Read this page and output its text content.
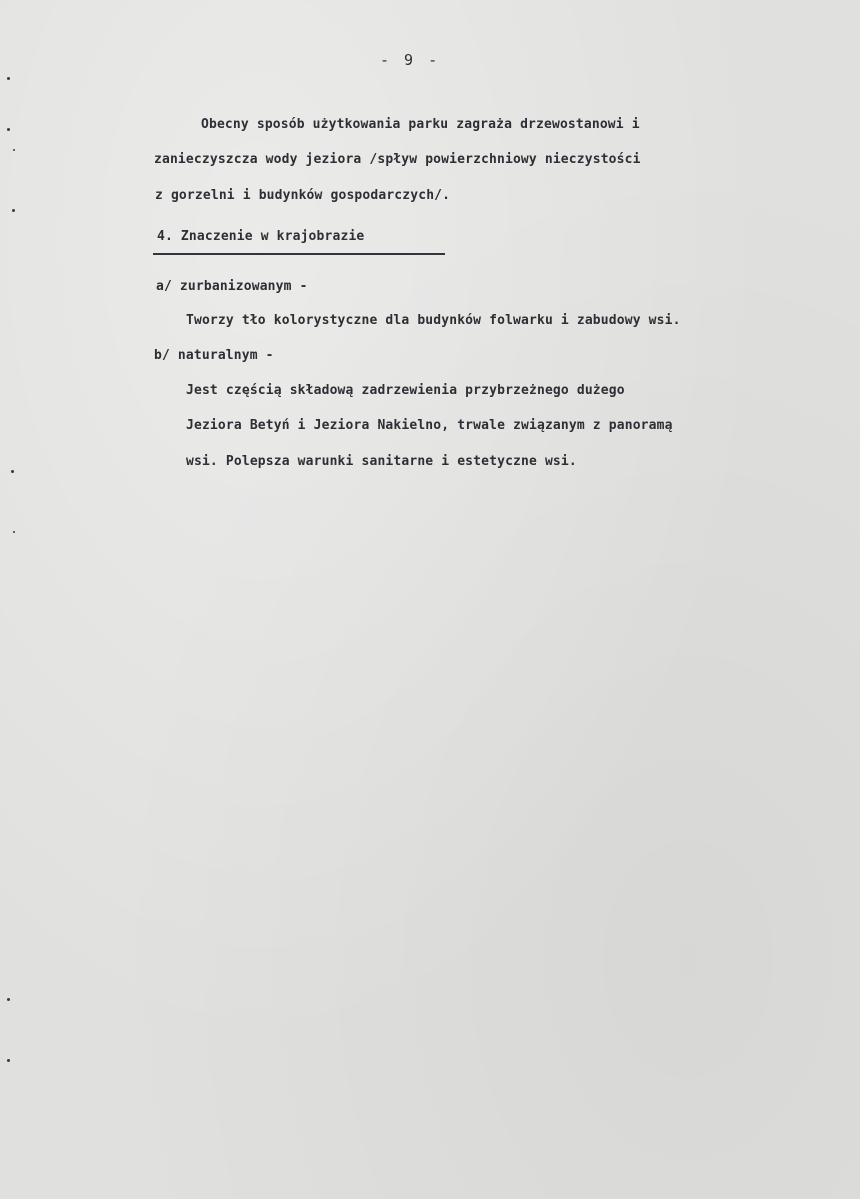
- 9 -
Obecny sposób użytkowania parku zagraża drzewostanowi i
zanieczyszcza wody jeziora /spływ powierzchniowy nieczystości
z gorzelni i budynków gospodarczych/.
4. Znaczenie w krajobrazie
a/ zurbanizowanym -
Tworzy tło kolorystyczne dla budynków folwarku i zabudowy wsi.
b/ naturalnym -
Jest częścią składową zadrzewienia przybrzeżnego dużego
Jeziora Betyń i Jeziora Nakielno, trwale związanym z panoramą
wsi. Polepsza warunki sanitarne i estetyczne wsi.
